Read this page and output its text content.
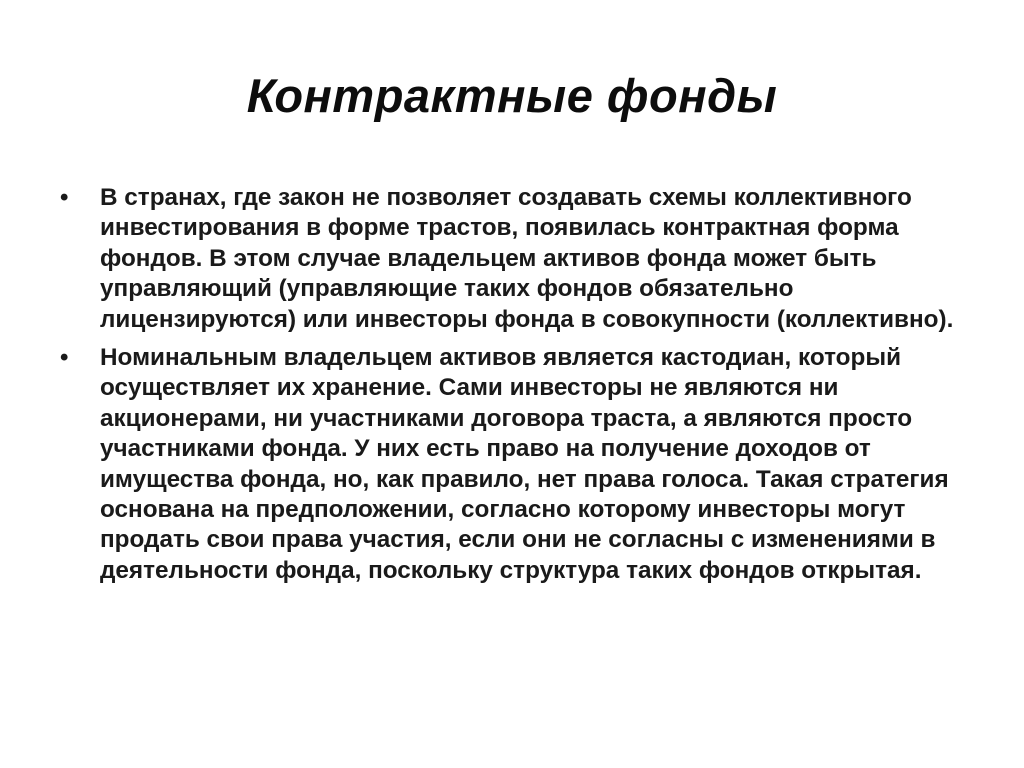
Контрактные фонды
•	В странах, где закон не позволяет создавать схемы коллективного инвестирования в форме трастов, появилась контрактная форма фондов. В этом случае владельцем активов фонда может быть управляющий (управляющие таких фондов обязательно лицензируются) или инвесторы фонда в совокупности (коллективно).
•	Номинальным владельцем активов является кастодиан, который осуществляет их хранение. Сами инвесторы не являются ни акционерами, ни участниками договора траста, а являются просто участниками фонда. У них есть право на получение доходов от имущества фонда, но, как правило, нет права голоса. Такая стратегия основана на предположении, согласно которому инвесторы могут продать свои права участия, если они не согласны с изменениями в деятельности фонда, поскольку структура таких фондов открытая.
